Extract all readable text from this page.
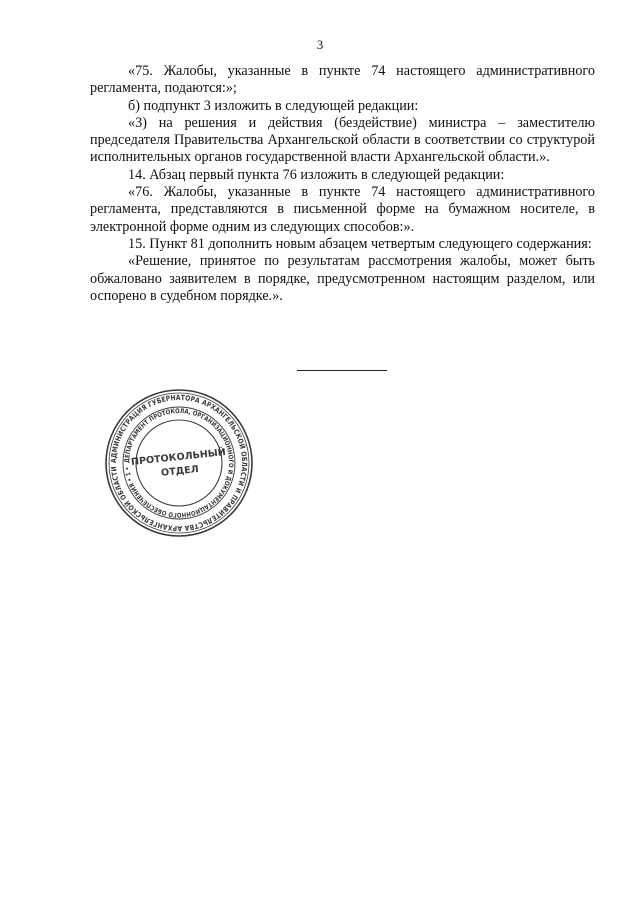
3

«75. Жалобы, указанные в пункте 74 настоящего административного регламента, подаются:»;

б) подпункт 3 изложить в следующей редакции:

«3) на решения и действия (бездействие) министра – заместителю председателя Правительства Архангельской области в соответствии со структурой исполнительных органов государственной власти Архангельской области.».

14. Абзац первый пункта 76 изложить в следующей редакции:

«76. Жалобы, указанные в пункте 74 настоящего административного регламента, представляются в письменной форме на бумажном носителе, в электронной форме одним из следующих способов:».

15. Пункт 81 дополнить новым абзацем четвертым следующего содержания:

«Решение, принятое по результатам рассмотрения жалобы, может быть обжаловано заявителем в порядке, предусмотренном настоящим разделом, или оспорено в судебном порядке.».

АДМИНИСТРАЦИЯ ГУБЕРНАТОРА АРХАНГЕЛЬСКОЙ ОБЛАСТИ И ПРАВИТЕЛЬСТВА АРХАНГЕЛЬСКОЙ ОБЛАСТИ
ДЕПАРТАМЕНТ ПРОТОКОЛА, ОРГАНИЗАЦИОННОГО И ДОКУМЕНТАЦИОННОГО ОБЕСПЕЧЕНИЯ • 1 •
ПРОТОКОЛЬНЫЙ
ОТДЕЛ
